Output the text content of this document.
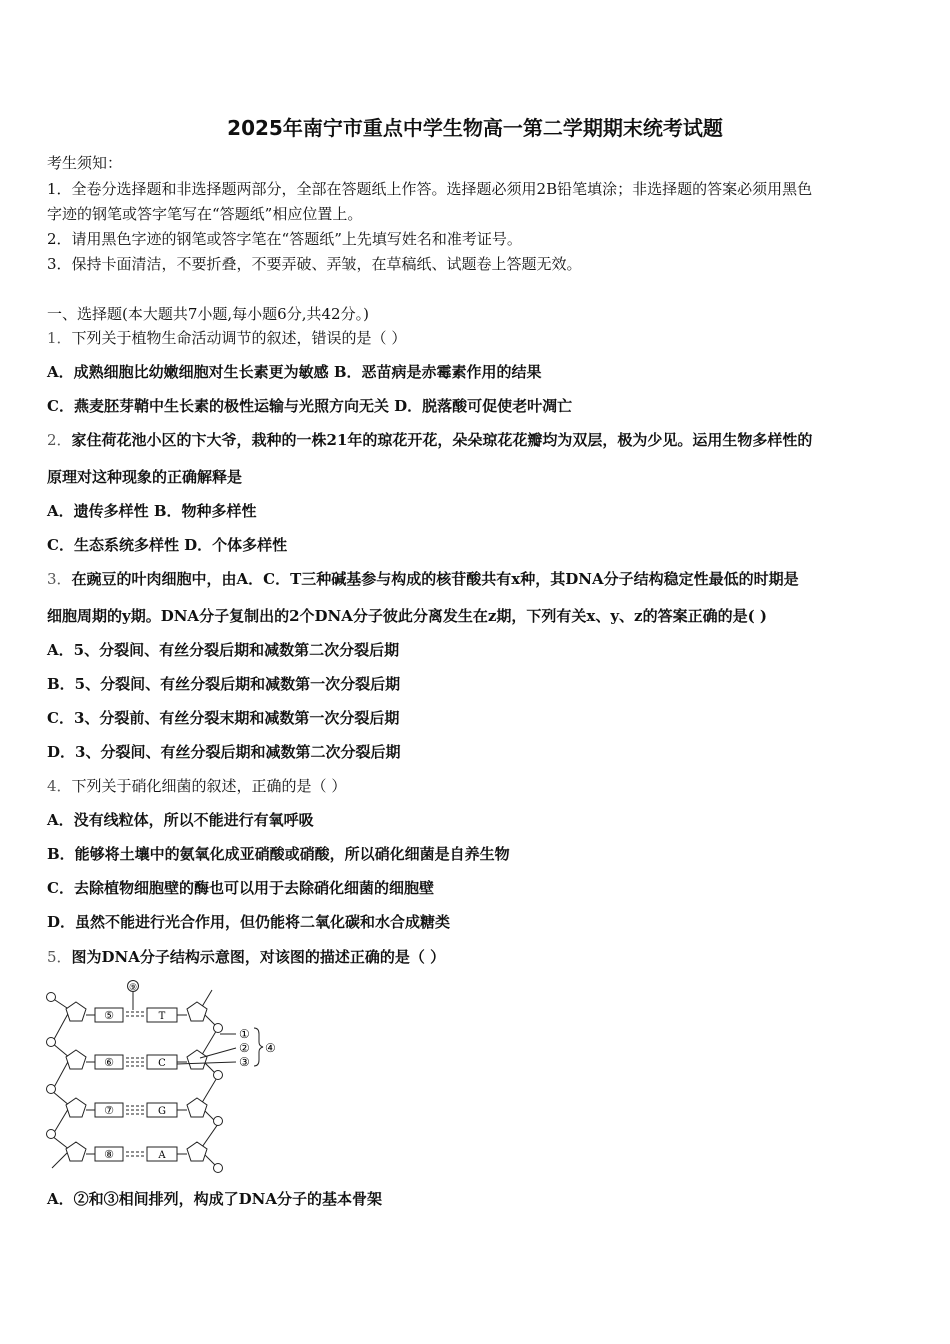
2025年南宁市重点中学生物高一第二学期期末统考试题
考生须知：
1．全卷分选择题和非选择题两部分，全部在答题纸上作答。选择题必须用2B铅笔填涂；非选择题的答案必须用黑色
字迹的钢笔或答字笔写在“答题纸”相应位置上。
2．请用黑色字迹的钢笔或答字笔在“答题纸”上先填写姓名和准考证号。
3．保持卡面清洁，不要折叠，不要弄破、弄皱，在草稿纸、试题卷上答题无效。
一、选择题(本大题共7小题,每小题6分,共42分。)
1．下列关于植物生命活动调节的叙述，错误的是（ ）
A．成熟细胞比幼嫩细胞对生长素更为敏感 B．恶苗病是赤霉素作用的结果
C．燕麦胚芽鞘中生长素的极性运输与光照方向无关 D．脱落酸可促使老叶凋亡
2．家住荷花池小区的卞大爷，栽种的一株21年的琼花开花，朵朵琼花花瓣均为双层，极为少见。运用生物多样性的
原理对这种现象的正确解释是
A．遗传多样性 B．物种多样性
C．生态系统多样性 D．个体多样性
3．在豌豆的叶肉细胞中，由A．C．T三种碱基参与构成的核苷酸共有x种，其DNA分子结构稳定性最低的时期是
细胞周期的y期。DNA分子复制出的2个DNA分子彼此分离发生在z期，下列有关x、y、z的答案正确的是( )
A．5、分裂间、有丝分裂后期和减数第二次分裂后期
B．5、分裂间、有丝分裂后期和减数第一次分裂后期
C．3、分裂前、有丝分裂末期和减数第一次分裂后期
D．3、分裂间、有丝分裂后期和减数第二次分裂后期
4．下列关于硝化细菌的叙述，正确的是（ ）
A．没有线粒体，所以不能进行有氧呼吸
B．能够将土壤中的氨氧化成亚硝酸或硝酸，所以硝化细菌是自养生物
C．去除植物细胞壁的酶也可以用于去除硝化细菌的细胞壁
D．虽然不能进行光合作用，但仍能将二氧化碳和水合成糖类
5．图为DNA分子结构示意图，对该图的描述正确的是（ ）
⑨
⑤
⑥
⑦
⑧
T
C
G
A
①
②
③
④
A．②和③相间排列，构成了DNA分子的基本骨架
